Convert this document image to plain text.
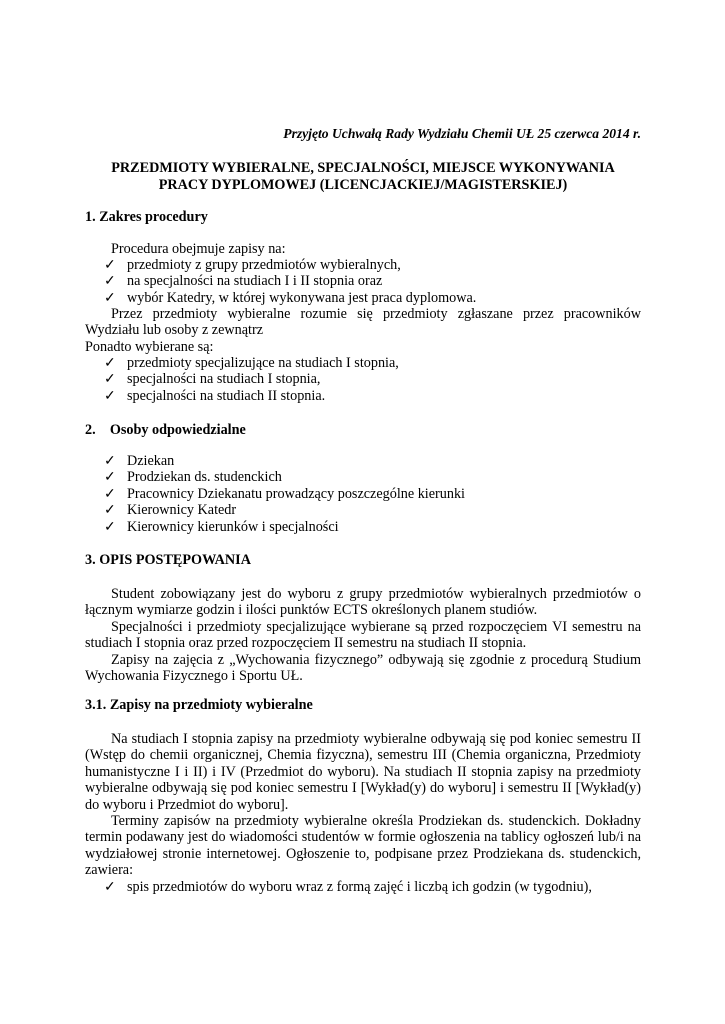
Przyjęto Uchwałą Rady Wydziału Chemii UŁ 25 czerwca 2014 r.
PRZEDMIOTY WYBIERALNE, SPECJALNOŚCI, MIEJSCE WYKONYWANIA
PRACY DYPLOMOWEJ (LICENCJACKIEJ/MAGISTERSKIEJ)
1. Zakres procedury
Procedura obejmuje zapisy na:
✓ przedmioty z grupy przedmiotów wybieralnych,
✓ na specjalności na studiach I i II stopnia oraz
✓ wybór Katedry, w której wykonywana jest praca dyplomowa.

Przez przedmioty wybieralne rozumie się przedmioty zgłaszane przez pracowników Wydziału lub osoby z zewnątrz

Ponadto wybierane są:
✓ przedmioty specjalizujące na studiach I stopnia,
✓ specjalności na studiach I stopnia,
✓ specjalności na studiach II stopnia.
2.    Osoby odpowiedzialne
✓ Dziekan
✓ Prodziekan ds. studenckich
✓ Pracownicy Dziekanatu prowadzący poszczególne kierunki
✓ Kierownicy Katedr
✓ Kierownicy kierunków i specjalności
3. OPIS POSTĘPOWANIA

Student zobowiązany jest do wyboru z grupy przedmiotów wybieralnych przedmiotów o łącznym wymiarze godzin i ilości punktów ECTS określonych planem studiów.

Specjalności i przedmioty specjalizujące wybierane są przed rozpoczęciem VI semestru na studiach I stopnia oraz przed rozpoczęciem II semestru na studiach II stopnia.

Zapisy na zajęcia z „Wychowania fizycznego” odbywają się zgodnie z procedurą Studium Wychowania Fizycznego i Sportu UŁ.

3.1. Zapisy na przedmioty wybieralne

Na studiach I stopnia zapisy na przedmioty wybieralne odbywają się pod koniec semestru II (Wstęp do chemii organicznej, Chemia fizyczna), semestru III (Chemia organiczna, Przedmioty humanistyczne I i II) i IV (Przedmiot do wyboru). Na studiach II stopnia zapisy na przedmioty wybieralne odbywają się pod koniec semestru I [Wykład(y) do wyboru] i semestru II [Wykład(y) do wyboru i Przedmiot do wyboru].

Terminy zapisów na przedmioty wybieralne określa Prodziekan ds. studenckich. Dokładny termin podawany jest do wiadomości studentów w formie ogłoszenia na tablicy ogłoszeń lub/i na wydziałowej stronie internetowej. Ogłoszenie to, podpisane przez Prodziekana ds. studenckich, zawiera:

✓ spis przedmiotów do wyboru wraz z formą zajęć i liczbą ich godzin (w tygodniu),
